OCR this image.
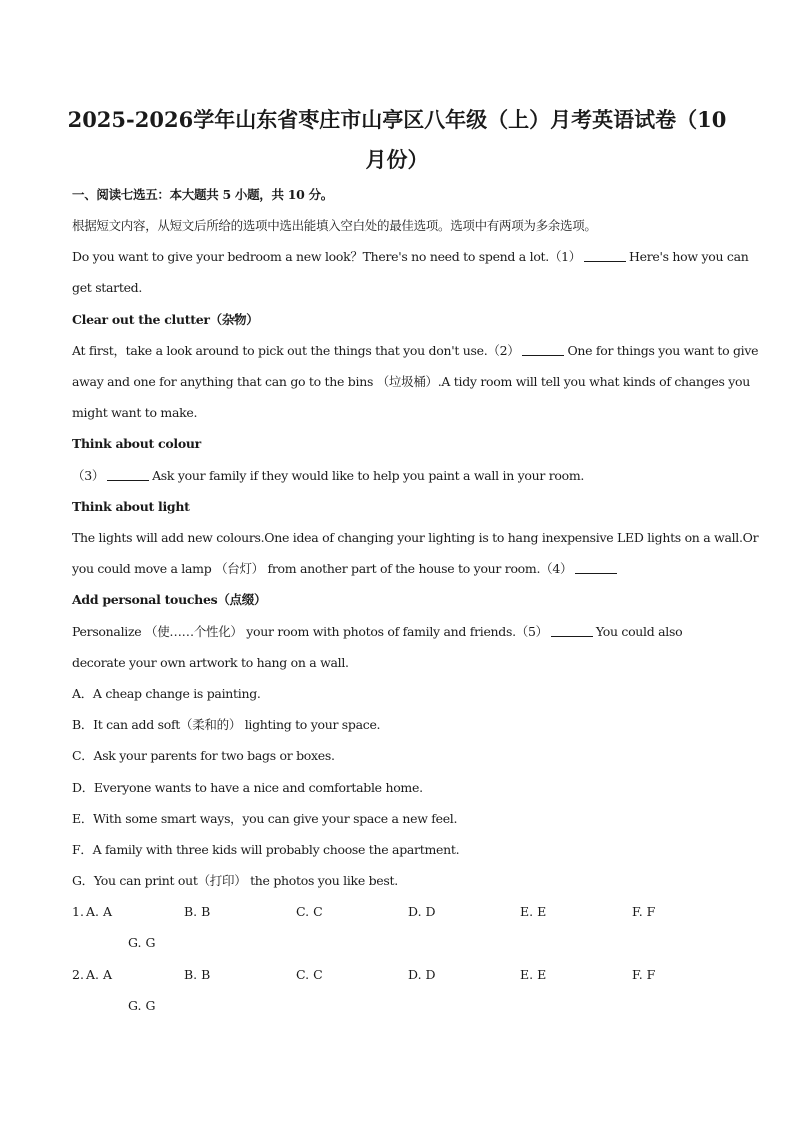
2025-2026学年山东省枣庄市山亭区八年级（上）月考英语试卷（10月份）
一、阅读七选五：本大题共 5 小题，共 10 分。
根据短文内容，从短文后所给的选项中选出能填入空白处的最佳选项。选项中有两项为多余选项。
Do you want to give your bedroom a new look？There's no need to spend a lot.（1）	Here's how you can
get started.
Clear out the clutter（杂物）
At first，take a look around to pick out the things that you don't use.（2）	One for things you want to give
away and one for anything that can go to the bins （垃圾桶）.A tidy room will tell you what kinds of changes you
might want to make.
Think about colour
（3）	Ask your family if they would like to help you paint a wall in your room.
Think about light
The lights will add new colours.One idea of changing your lighting is to hang inexpensive LED lights on a wall.Or
you could move a lamp （台灯） from another part of the house to your room.（4）
Add personal touches（点缀）
Personalize （使……个性化） your room with photos of family and friends.（5）	You could also
decorate your own artwork to hang on a wall.
A．A cheap change is painting.
B．It can add soft（柔和的） lighting to your space.
C．Ask your parents for two bags or boxes.
D．Everyone wants to have a nice and comfortable home.
E．With some smart ways，you can give your space a new feel.
F．A family with three kids will probably choose the apartment.
G．You can print out（打印） the photos you like best.
1. A. A	B. B	C. C	D. D	E. E	F. F
G. G
2. A. A	B. B	C. C	D. D	E. E	F. F
G. G
